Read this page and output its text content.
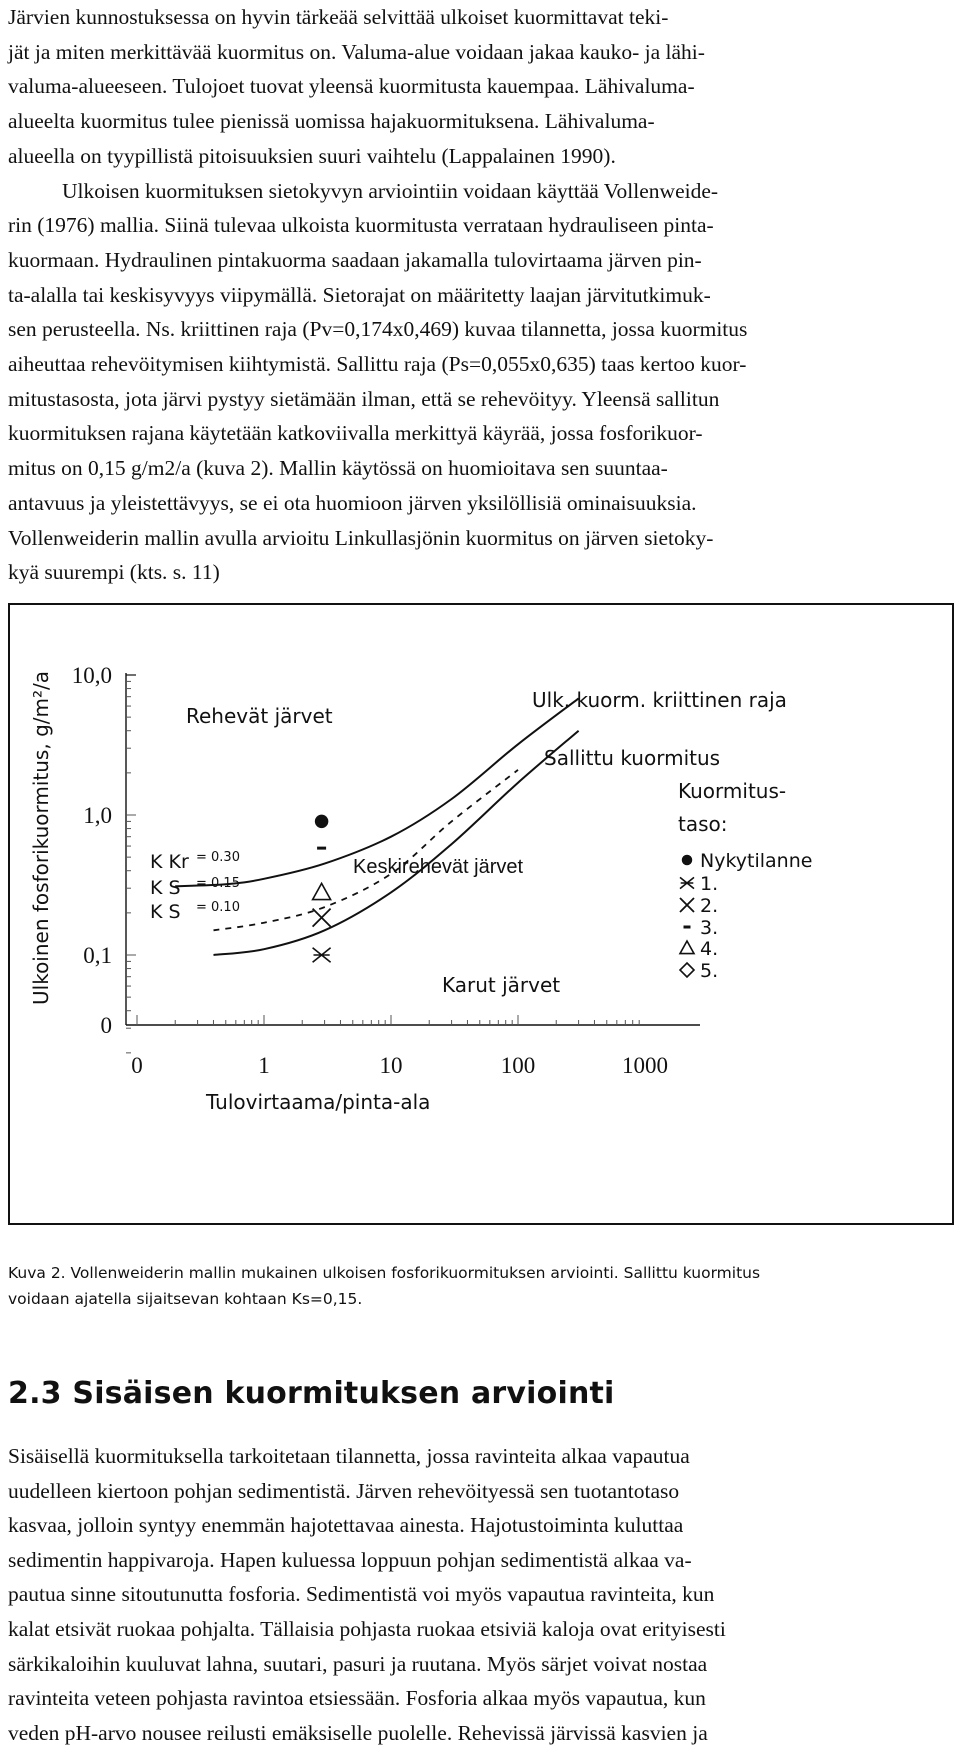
Järvien kunnostuksessa on hyvin tärkeää selvittää ulkoiset kuormittavat teki-
jät ja miten merkittävää kuormitus on. Valuma-alue voidaan jakaa kauko- ja lähi-
valuma-alueeseen. Tulojoet tuovat yleensä kuormitusta kauempaa. Lähivaluma-
alueelta kuormitus tulee pienissä uomissa hajakuormituksena. Lähivaluma-
alueella on tyypillistä pitoisuuksien suuri vaihtelu (Lappalainen 1990).
Ulkoisen kuormituksen sietokyvyn arviointiin voidaan käyttää Vollenweide-
rin (1976) mallia. Siinä tulevaa ulkoista kuormitusta verrataan hydrauliseen pinta-
kuormaan. Hydraulinen pintakuorma saadaan jakamalla tulovirtaama järven pin-
ta-alalla tai keskisyvyys viipymällä. Sietorajat on määritetty laajan järvitutkimuk-
sen perusteella. Ns. kriittinen raja (Pv=0,174x0,469) kuvaa tilannetta, jossa kuormitus
aiheuttaa rehevöitymisen kiihtymistä. Sallittu raja (Ps=0,055x0,635) taas kertoo kuor-
mitustasosta, jota järvi pystyy sietämään ilman, että se rehevöityy. Yleensä sallitun
kuormituksen rajana käytetään katkoviivalla merkittyä käyrää, jossa fosforikuor-
mitus on 0,15 g/m2/a (kuva 2). Mallin käytössä on huomioitava sen suuntaa-
antavuus ja yleistettävyys, se ei ota huomioon järven yksilöllisiä ominaisuuksia.
Vollenweiderin mallin avulla arvioitu Linkullasjönin kuormitus on järven sietoky-
kyä suurempi (kts. s. 11)
10,0
1,0
0,1
0
0	1	10	100	1000
Tulovirtaama/pinta-ala
Ulkoinen fosforikuormitus, g/m²/a	Rehevät järvet
Keskirehevät järvet
Karut järvet
Ulk. kuorm. kriittinen raja
Sallittu kuormitus
K Kr = 0.30
K S = 0.15
K S = 0.10
Kuormitus-
taso:
Nykytilanne
1.
2.
3.
4.
5.
Kuva 2. Vollenweiderin mallin mukainen ulkoisen fosforikuormituksen arviointi. Sallittu kuormitus
voidaan ajatella sijaitsevan kohtaan Ks=0,15.
2.3 Sisäisen kuormituksen arviointi
Sisäisellä kuormituksella tarkoitetaan tilannetta, jossa ravinteita alkaa vapautua
uudelleen kiertoon pohjan sedimentistä. Järven rehevöityessä sen tuotantotaso
kasvaa, jolloin syntyy enemmän hajotettavaa ainesta. Hajotustoiminta kuluttaa
sedimentin happivaroja. Hapen kuluessa loppuun pohjan sedimentistä alkaa va-
pautua sinne sitoutunutta fosforia. Sedimentistä voi myös vapautua ravinteita, kun
kalat etsivät ruokaa pohjalta. Tällaisia pohjasta ruokaa etsiviä kaloja ovat erityisesti
särkikaloihin kuuluvat lahna, suutari, pasuri ja ruutana. Myös särjet voivat nostaa
ravinteita veteen pohjasta ravintoa etsiessään. Fosforia alkaa myös vapautua, kun
veden pH-arvo nousee reilusti emäksiselle puolelle. Rehevissä järvissä kasvien ja
